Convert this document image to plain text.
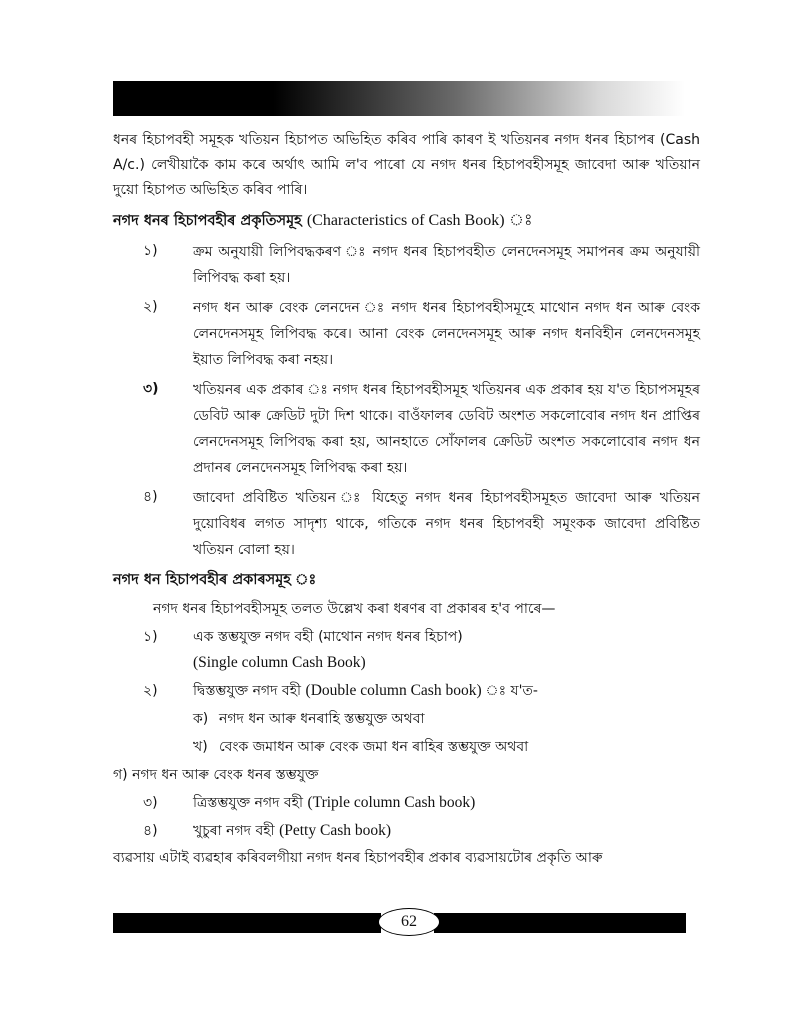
ধনৰ হিচাপবহী সমূহক খতিয়ন হিচাপত অভিহিত কৰিব পাৰি কাৰণ ই খতিয়নৰ নগদ ধনৰ হিচাপৰ (Cash A/c.) লেখীয়াকৈ কাম কৰে অৰ্থাৎ আমি ল'ব পাৰো যে নগদ ধনৰ হিচাপবহীসমূহ জাবেদা আৰু খতিয়ান দুয়ো হিচাপত অভিহিত কৰিব পাৰি।

নগদ ধনৰ হিচাপবহীৰ প্ৰকৃতিসমূহ (Characteristics of Cash Book) ঃ
১)	ক্ৰম অনুযায়ী লিপিবদ্ধকৰণ ঃ নগদ ধনৰ হিচাপবহীত লেনদেনসমূহ সমাপনৰ ক্ৰম অনুযায়ী লিপিবদ্ধ কৰা হয়।
২)	নগদ ধন আৰু বেংক লেনদেন ঃ নগদ ধনৰ হিচাপবহীসমূহে মাথোন নগদ ধন আৰু বেংক লেনদেনসমূহ লিপিবদ্ধ কৰে। আনা বেংক লেনদেনসমূহ আৰু নগদ ধনবিহীন লেনদেনসমূহ ইয়াত লিপিবদ্ধ কৰা নহয়।
৩)	খতিয়নৰ এক প্ৰকাৰ ঃ নগদ ধনৰ হিচাপবহীসমূহ খতিয়নৰ এক প্ৰকাৰ হয় য'ত হিচাপসমূহৰ ডেবিট আৰু ক্ৰেডিট দুটা দিশ থাকে। বাওঁফালৰ ডেবিট অংশত সকলোবোৰ নগদ ধন প্ৰাপ্তিৰ লেনদেনসমূহ লিপিবদ্ধ কৰা হয়, আনহাতে সোঁফালৰ ক্ৰেডিট অংশত সকলোবোৰ নগদ ধন প্ৰদানৰ লেনদেনসমূহ লিপিবদ্ধ কৰা হয়।
৪)	জাবেদা প্ৰবিষ্টিত খতিয়ন ঃ যিহেতু নগদ ধনৰ হিচাপবহীসমূহত জাবেদা আৰু খতিয়ন দুয়োবিধৰ লগত সাদৃশ্য থাকে, গতিকে নগদ ধনৰ হিচাপবহী সমূংকক জাবেদা প্ৰবিষ্টিত খতিয়ন বোলা হয়।
নগদ ধন হিচাপবহীৰ প্ৰকাৰসমূহ ঃ
নগদ ধনৰ হিচাপবহীসমূহ তলত উল্লেখ কৰা ধৰণৰ বা প্ৰকাৰৰ হ'ব পাৰে—
১)	এক স্তম্ভযুক্ত নগদ বহী (মাথোন নগদ ধনৰ হিচাপ)
(Single column Cash Book)
২)	দ্বিস্তম্ভযুক্ত নগদ বহী (Double column Cash book) ঃ য'ত-
ক) নগদ ধন আৰু ধনৰাহি স্তম্ভযুক্ত অথবা
খ) বেংক জমাধন আৰু বেংক জমা ধন ৰাহিৰ স্তম্ভযুক্ত অথবা
গ) নগদ ধন আৰু বেংক ধনৰ স্তম্ভযুক্ত
৩)	ত্ৰিস্তম্ভযুক্ত নগদ বহী (Triple column Cash book)
৪)	খুচুৰা নগদ বহী (Petty Cash book)

ব্যৱসায় এটাই ব্যৱহাৰ কৰিবলগীয়া নগদ ধনৰ হিচাপবহীৰ প্ৰকাৰ ব্যৱসায়টোৰ প্ৰকৃতি আৰু

62
